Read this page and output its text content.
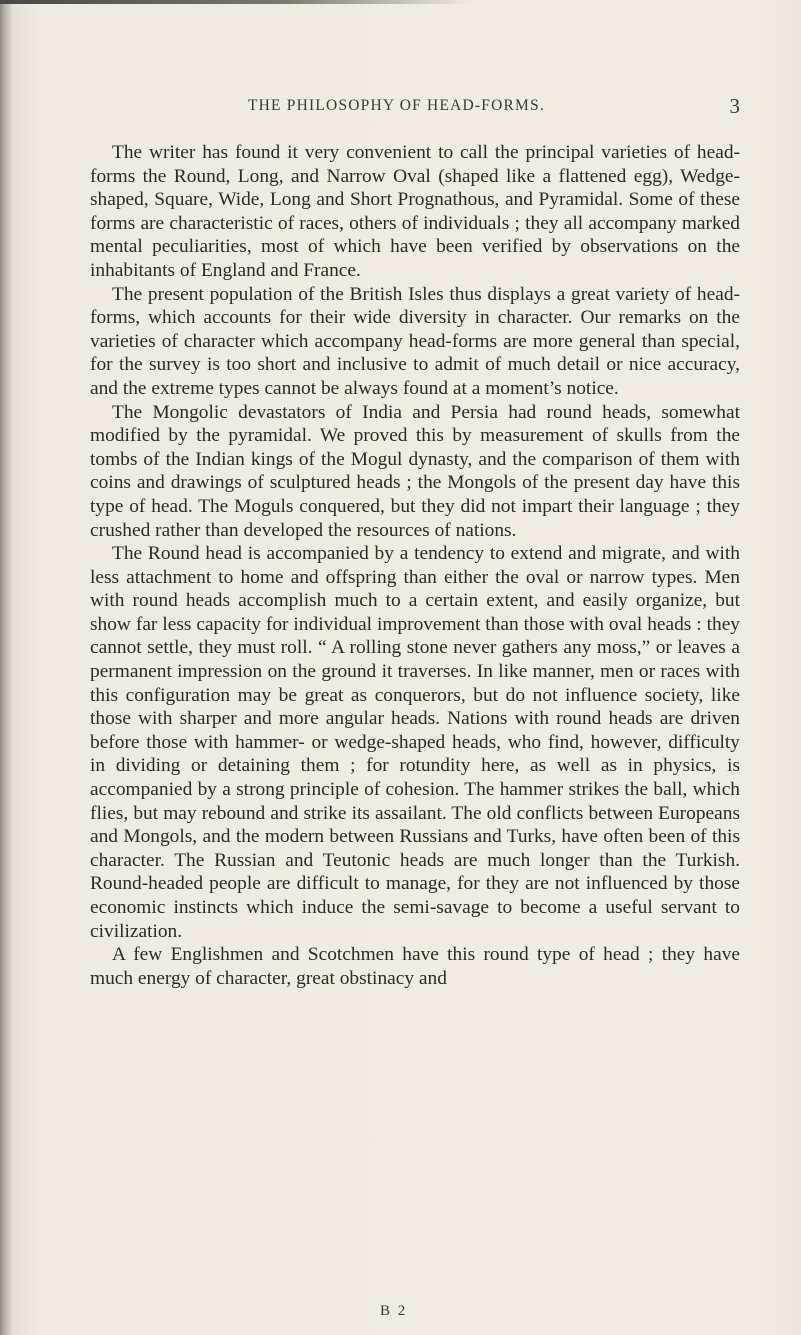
THE PHILOSOPHY OF HEAD-FORMS.	3

The writer has found it very convenient to call the principal varieties of head-forms the Round, Long, and Narrow Oval (shaped like a flattened egg), Wedge-shaped, Square, Wide, Long and Short Prognathous, and Pyramidal. Some of these forms are characteristic of races, others of individuals ; they all accompany marked mental peculiarities, most of which have been verified by observations on the inhabitants of England and France.

The present population of the British Isles thus displays a great variety of head-forms, which accounts for their wide diversity in character. Our remarks on the varieties of character which accompany head-forms are more general than special, for the survey is too short and inclusive to admit of much detail or nice accuracy, and the extreme types cannot be always found at a moment’s notice.

The Mongolic devastators of India and Persia had round heads, somewhat modified by the pyramidal. We proved this by measurement of skulls from the tombs of the Indian kings of the Mogul dynasty, and the comparison of them with coins and drawings of sculptured heads ; the Mongols of the present day have this type of head. The Moguls conquered, but they did not impart their language ; they crushed rather than developed the resources of nations.

The Round head is accompanied by a tendency to extend and migrate, and with less attachment to home and offspring than either the oval or narrow types. Men with round heads accomplish much to a certain extent, and easily organize, but show far less capacity for individual improvement than those with oval heads : they cannot settle, they must roll. “ A rolling stone never gathers any moss,” or leaves a permanent impression on the ground it traverses. In like manner, men or races with this configuration may be great as conquerors, but do not influence society, like those with sharper and more angular heads. Nations with round heads are driven before those with hammer- or wedge-shaped heads, who find, however, difficulty in dividing or detaining them ; for rotundity here, as well as in physics, is accompanied by a strong principle of cohesion. The hammer strikes the ball, which flies, but may rebound and strike its assailant. The old conflicts between Europeans and Mongols, and the modern between Russians and Turks, have often been of this character. The Russian and Teutonic heads are much longer than the Turkish. Round-headed people are difficult to manage, for they are not influenced by those economic instincts which induce the semi-savage to become a useful servant to civilization.

A few Englishmen and Scotchmen have this round type of head ; they have much energy of character, great obstinacy and

B 2
